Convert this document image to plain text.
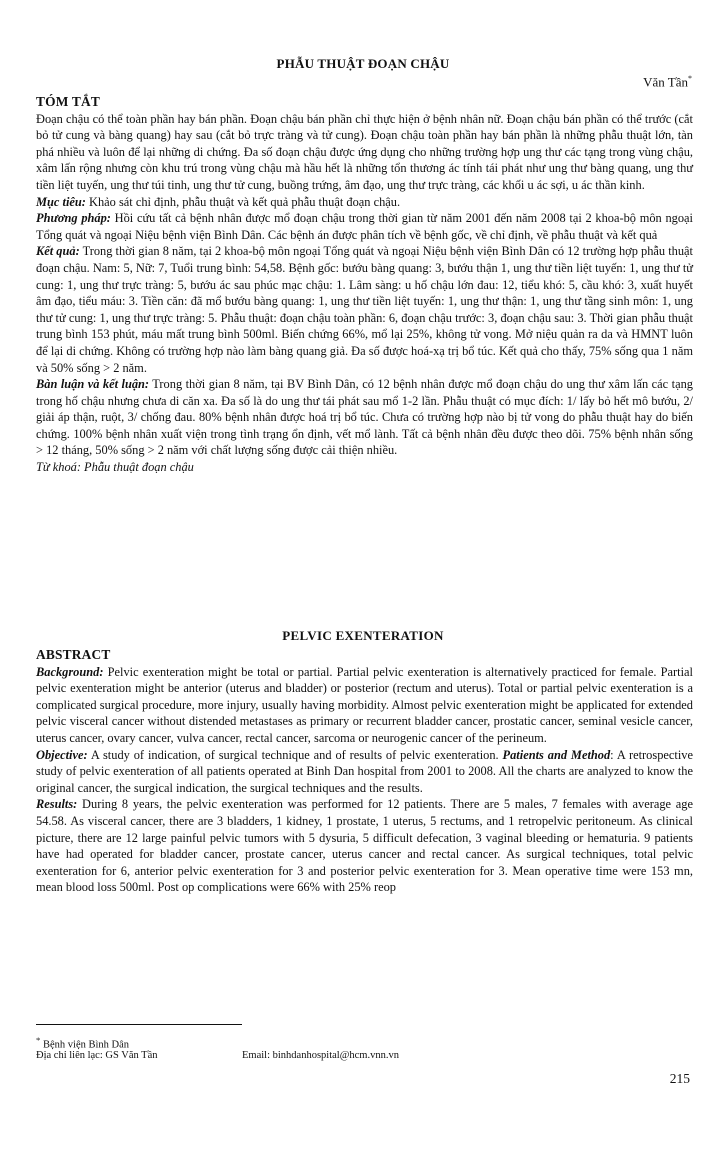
PHẪU THUẬT ĐOẠN CHẬU
Văn Tần*
TÓM TẮT

Đoạn chậu có thể toàn phần hay bán phần. Đoạn chậu bán phần chỉ thực hiện ở bệnh nhân nữ. Đoạn chậu bán phần có thể trước (cắt bỏ tử cung và bàng quang) hay sau (cắt bỏ trực tràng và tử cung). Đoạn chậu toàn phần hay bán phần là những phẫu thuật lớn, tàn phá nhiều và luôn để lại những di chứng. Đa số đoạn chậu được ứng dụng cho những trường hợp ung thư các tạng trong vùng chậu, xâm lấn rộng nhưng còn khu trú trong vùng chậu mà hầu hết là những tổn thương ác tính tái phát như ung thư bàng quang, ung thư tiền liệt tuyến, ung thư túi tinh, ung thư tử cung, buồng trứng, âm đạo, ung thư trực tràng, các khối u ác sợi, u ác thần kinh.

Mục tiêu: Khảo sát chỉ định, phẫu thuật và kết quả phẫu thuật đoạn chậu.

Phương pháp: Hồi cứu tất cả bệnh nhân được mổ đoạn chậu trong thời gian từ năm 2001 đến năm 2008 tại 2 khoa-bộ môn ngoại Tổng quát và ngoại Niệu bệnh viện Bình Dân. Các bệnh án được phân tích về bệnh gốc, về chỉ định, về phẫu thuật và kết quả

Kết quả: Trong thời gian 8 năm, tại 2 khoa-bộ môn ngoại Tổng quát và ngoại Niệu bệnh viện Bình Dân có 12 trường hợp phẫu thuật đoạn chậu. Nam: 5, Nữ: 7, Tuổi trung bình: 54,58. Bệnh gốc: bướu bàng quang: 3, bướu thận 1, ung thư tiền liệt tuyến: 1, ung thư tử cung: 1, ung thư trực tràng: 5, bướu ác sau phúc mạc chậu: 1. Lâm sàng: u hố chậu lớn đau: 12, tiểu khó: 5, cầu khó: 3, xuất huyết âm đạo, tiểu máu: 3. Tiền căn: đã mổ bướu bàng quang: 1, ung thư tiền liệt tuyến: 1, ung thư thận: 1, ung thư tầng sinh môn: 1, ung thư tử cung: 1, ung thư trực tràng: 5. Phẫu thuật: đoạn chậu toàn phần: 6, đoạn chậu trước: 3, đoạn chậu sau: 3. Thời gian phẫu thuật trung bình 153 phút, máu mất trung bình 500ml. Biến chứng 66%, mổ lại 25%, không tử vong. Mở niệu quản ra da và HMNT luôn để lại di chứng. Không có trường hợp nào làm bàng quang giả. Đa số được hoá-xạ trị bổ túc. Kết quả cho thấy, 75% sống qua 1 năm và 50% sống > 2 năm.

Bàn luận và kết luận: Trong thời gian 8 năm, tại BV Bình Dân, có 12 bệnh nhân được mổ đoạn chậu do ung thư xâm lấn các tạng trong hố chậu nhưng chưa di căn xa. Đa số là do ung thư tái phát sau mổ 1-2 lần. Phẫu thuật có mục đích: 1/ lấy bỏ hết mô bướu, 2/ giải áp thận, ruột, 3/ chống đau. 80% bệnh nhân được hoá trị bổ túc. Chưa có trường hợp nào bị tử vong do phẫu thuật hay do biến chứng. 100% bệnh nhân xuất viện trong tình trạng ổn định, vết mổ lành. Tất cả bệnh nhân đều được theo dõi. 75% bệnh nhân sống > 12 tháng, 50% sống > 2 năm với chất lượng sống được cải thiện nhiều.

Từ khoá: Phẫu thuật đoạn chậu

PELVIC EXENTERATION
ABSTRACT

Background: Pelvic exenteration might be total or partial. Partial pelvic exenteration is alternatively practiced for female. Partial pelvic exenteration might be anterior (uterus and bladder) or posterior (rectum and uterus). Total or partial pelvic exenteration is a complicated surgical procedure, more injury, usually having morbidity. Almost pelvic exenteration might be applicated for extended pelvic visceral cancer without distended metastases as primary or recurrent bladder cancer, prostatic cancer, seminal vesicle cancer, uterus cancer, ovary cancer, vulva cancer, rectal cancer, sarcoma or neurogenic cancer of the perineum.

Objective: A study of indication, of surgical technique and of results of pelvic exenteration. Patients and Method: A retrospective study of pelvic exenteration of all patients operated at Binh Dan hospital from 2001 to 2008. All the charts are analyzed to know the original cancer, the surgical indication, the surgical techniques and the results.

Results: During 8 years, the pelvic exenteration was performed for 12 patients. There are 5 males, 7 females with average age 54.58. As visceral cancer, there are 3 bladders, 1 kidney, 1 prostate, 1 uterus, 5 rectums, and 1 retropelvic peritoneum. As clinical picture, there are 12 large painful pelvic tumors with 5 dysuria, 5 difficult defecation, 3 vaginal bleeding or hematuria. 9 patients have had operated for bladder cancer, prostate cancer, uterus cancer and rectal cancer. As surgical techniques, total pelvic exenteration for 6, anterior pelvic exenteration for 3 and posterior pelvic exenteration for 3. Mean operative time were 153 mn, mean blood loss 500ml. Post op complications were 66% with 25% reop

* Bệnh viện Bình Dân
Địa chỉ liên lạc: GS Văn Tần	Email: binhdanhospital@hcm.vnn.vn
215
